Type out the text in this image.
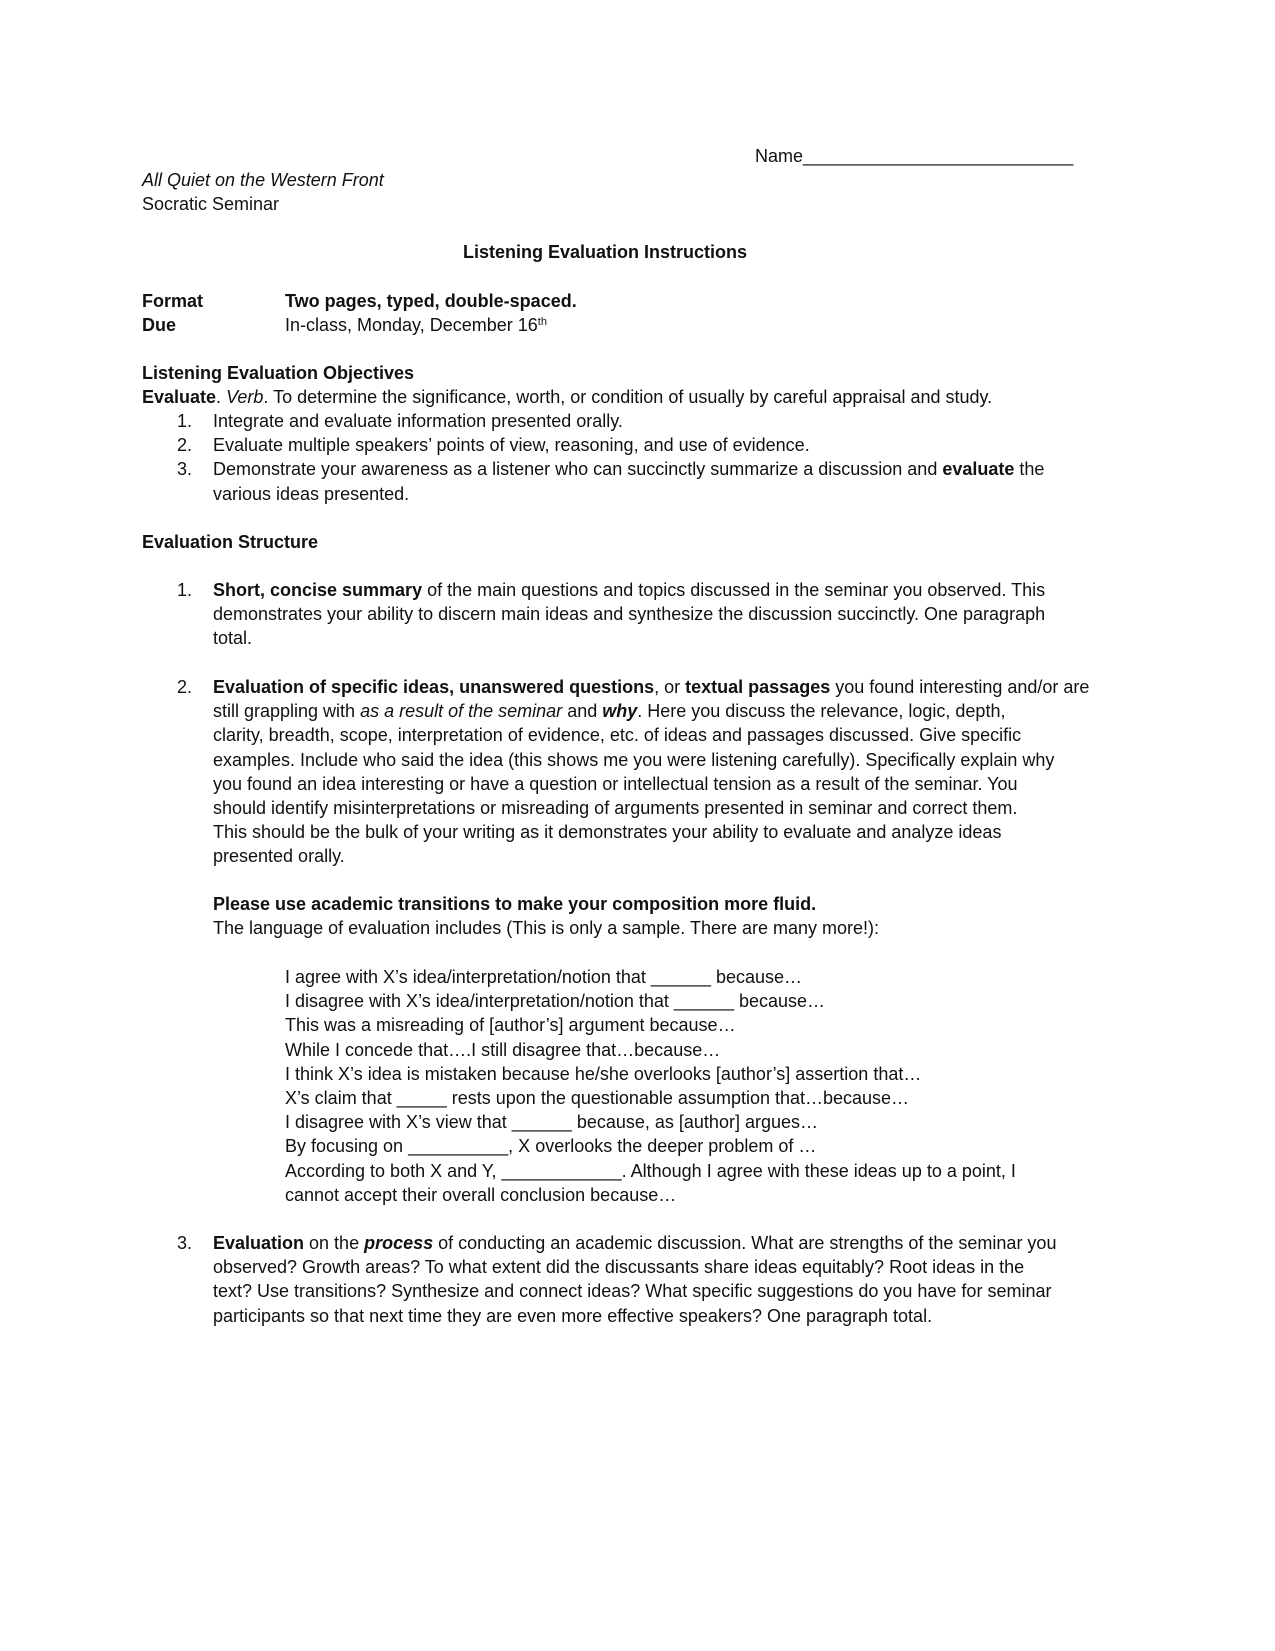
Name___________________________
All Quiet on the Western Front
Socratic Seminar
Listening Evaluation Instructions
Format	Two pages, typed, double-spaced.
Due	In-class, Monday, December 16th
Listening Evaluation Objectives
Evaluate. Verb. To determine the significance, worth, or condition of usually by careful appraisal and study.
1. Integrate and evaluate information presented orally.
2. Evaluate multiple speakers’ points of view, reasoning, and use of evidence.
3. Demonstrate your awareness as a listener who can succinctly summarize a discussion and evaluate the
various ideas presented.
Evaluation Structure
1. Short, concise summary of the main questions and topics discussed in the seminar you observed. This
demonstrates your ability to discern main ideas and synthesize the discussion succinctly. One paragraph
total.
2. Evaluation of specific ideas, unanswered questions, or textual passages you found interesting and/or are
still grappling with as a result of the seminar and why. Here you discuss the relevance, logic, depth,
clarity, breadth, scope, interpretation of evidence, etc. of ideas and passages discussed. Give specific
examples. Include who said the idea (this shows me you were listening carefully). Specifically explain why
you found an idea interesting or have a question or intellectual tension as a result of the seminar. You
should identify misinterpretations or misreading of arguments presented in seminar and correct them.
This should be the bulk of your writing as it demonstrates your ability to evaluate and analyze ideas
presented orally.
Please use academic transitions to make your composition more fluid.
The language of evaluation includes (This is only a sample. There are many more!):
I agree with X’s idea/interpretation/notion that ______ because…
I disagree with X’s idea/interpretation/notion that ______ because…
This was a misreading of [author’s] argument because…
While I concede that….I still disagree that…because…
I think X’s idea is mistaken because he/she overlooks [author’s] assertion that…
X’s claim that _____ rests upon the questionable assumption that…because…
I disagree with X’s view that ______ because, as [author] argues…
By focusing on __________, X overlooks the deeper problem of …
According to both X and Y, ____________. Although I agree with these ideas up to a point, I
cannot accept their overall conclusion because…
3. Evaluation on the process of conducting an academic discussion. What are strengths of the seminar you
observed? Growth areas? To what extent did the discussants share ideas equitably? Root ideas in the
text? Use transitions? Synthesize and connect ideas? What specific suggestions do you have for seminar
participants so that next time they are even more effective speakers? One paragraph total.
